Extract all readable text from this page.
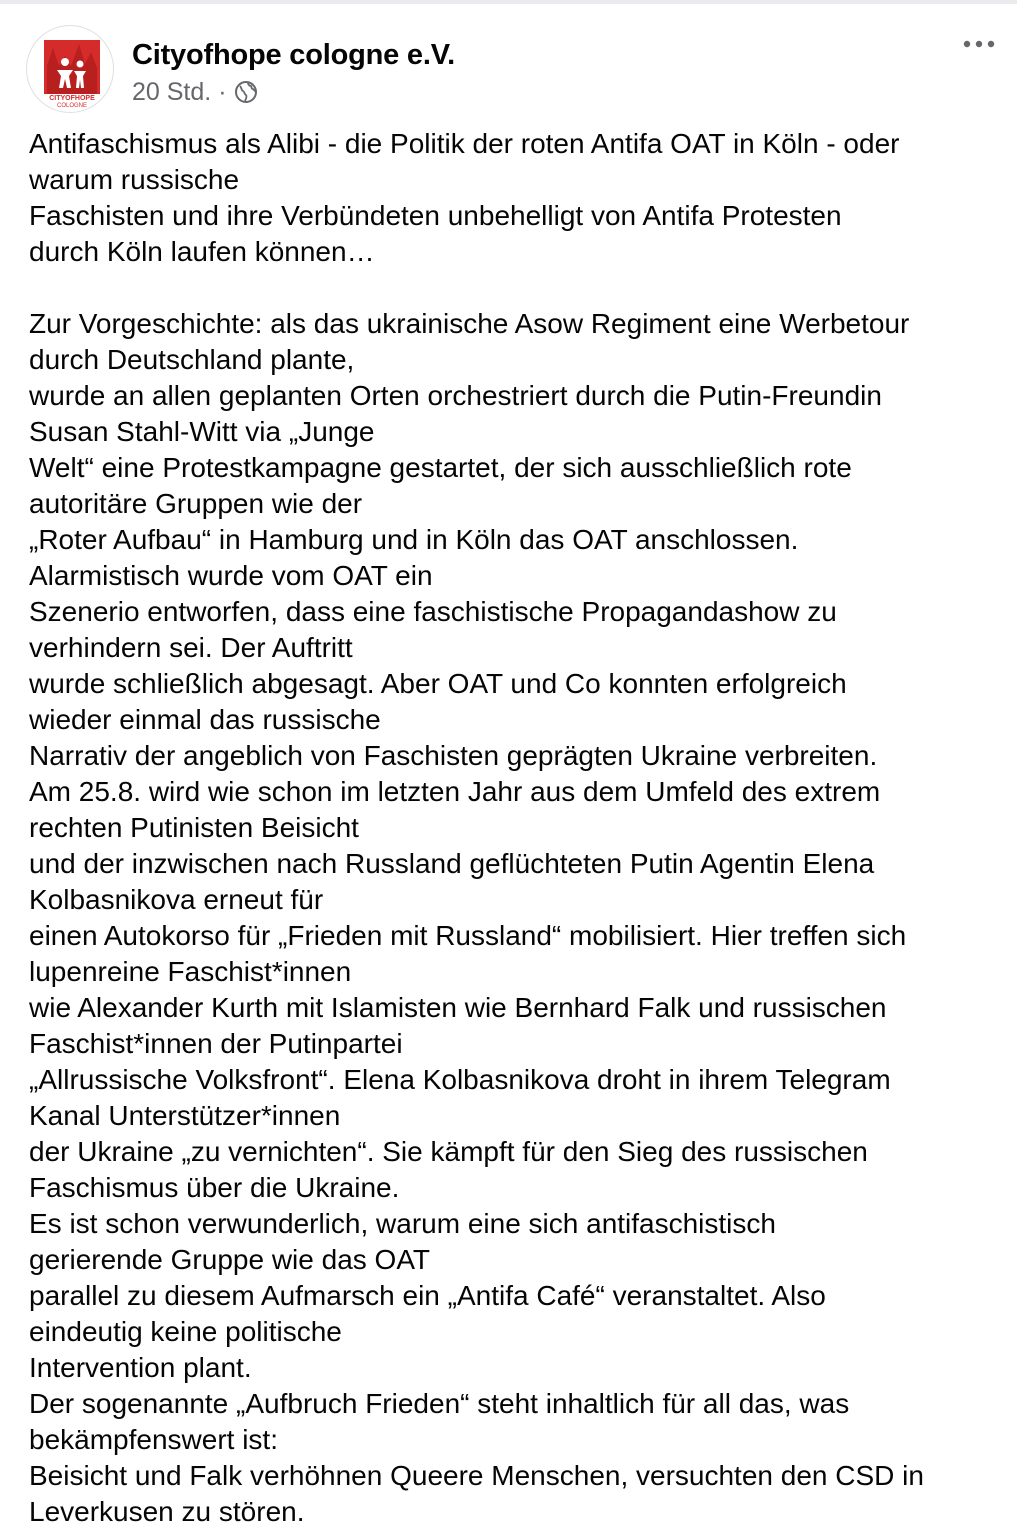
CITYOFHOPE
COLOGNE
Cityofhope cologne e.V.
20 Std. ·
Antifaschismus als Alibi - die Politik der roten Antifa OAT in Köln - oder
warum russische
Faschisten und ihre Verbündeten unbehelligt von Antifa Protesten
durch Köln laufen können…
Zur Vorgeschichte: als das ukrainische Asow Regiment eine Werbetour
durch Deutschland plante,
wurde an allen geplanten Orten orchestriert durch die Putin-Freundin
Susan Stahl-Witt via „Junge
Welt“ eine Protestkampagne gestartet, der sich ausschließlich rote
autoritäre Gruppen wie der
„Roter Aufbau“ in Hamburg und in Köln das OAT anschlossen.
Alarmistisch wurde vom OAT ein
Szenerio entworfen, dass eine faschistische Propagandashow zu
verhindern sei. Der Auftritt
wurde schließlich abgesagt. Aber OAT und Co konnten erfolgreich
wieder einmal das russische
Narrativ der angeblich von Faschisten geprägten Ukraine verbreiten.
Am 25.8. wird wie schon im letzten Jahr aus dem Umfeld des extrem
rechten Putinisten Beisicht
und der inzwischen nach Russland geflüchteten Putin Agentin Elena
Kolbasnikova erneut für
einen Autokorso für „Frieden mit Russland“ mobilisiert. Hier treffen sich
lupenreine Faschist*innen
wie Alexander Kurth mit Islamisten wie Bernhard Falk und russischen
Faschist*innen der Putinpartei
„Allrussische Volksfront“. Elena Kolbasnikova droht in ihrem Telegram
Kanal Unterstützer*innen
der Ukraine „zu vernichten“. Sie kämpft für den Sieg des russischen
Faschismus über die Ukraine.
Es ist schon verwunderlich, warum eine sich antifaschistisch
gerierende Gruppe wie das OAT
parallel zu diesem Aufmarsch ein „Antifa Café“ veranstaltet. Also
eindeutig keine politische
Intervention plant.
Der sogenannte „Aufbruch Frieden“ steht inhaltlich für all das, was
bekämpfenswert ist:
Beisicht und Falk verhöhnen Queere Menschen, versuchten den CSD in
Leverkusen zu stören.
